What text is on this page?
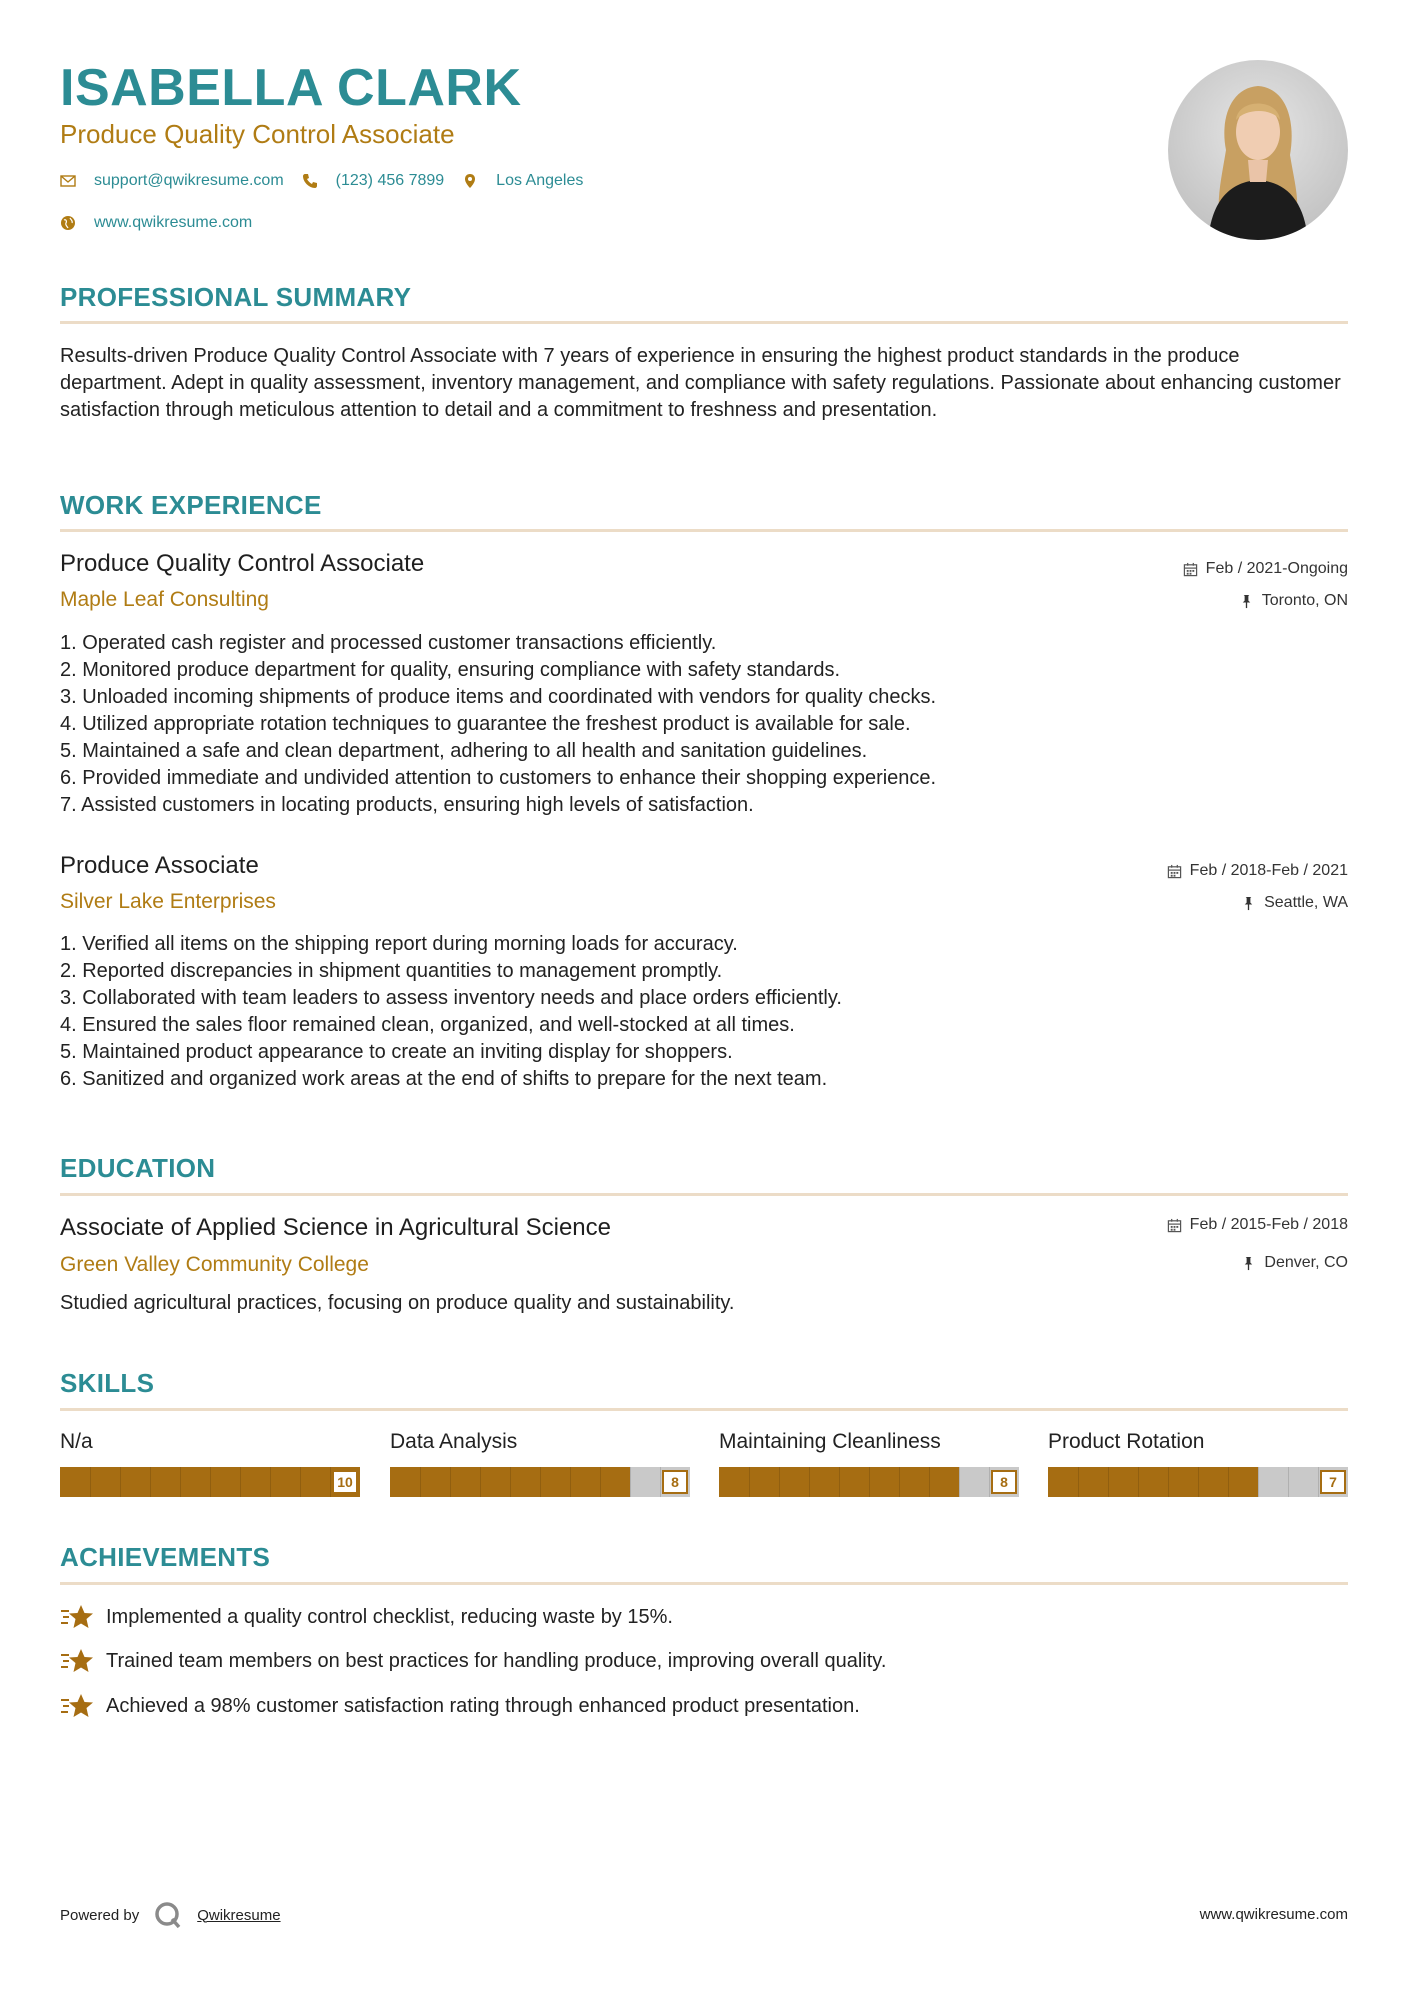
ISABELLA CLARK
Produce Quality Control Associate
support@qwikresume.com	(123) 456 7899	Los Angeles
www.qwikresume.com
PROFESSIONAL SUMMARY
Results-driven Produce Quality Control Associate with 7 years of experience in ensuring the highest product standards in the produce department. Adept in quality assessment, inventory management, and compliance with safety regulations. Passionate about enhancing customer satisfaction through meticulous attention to detail and a commitment to freshness and presentation.
WORK EXPERIENCE
Produce Quality Control Associate
Maple Leaf Consulting
Feb / 2021-Ongoing
Toronto, ON
1. Operated cash register and processed customer transactions efficiently.
2. Monitored produce department for quality, ensuring compliance with safety standards.
3. Unloaded incoming shipments of produce items and coordinated with vendors for quality checks.
4. Utilized appropriate rotation techniques to guarantee the freshest product is available for sale.
5. Maintained a safe and clean department, adhering to all health and sanitation guidelines.
6. Provided immediate and undivided attention to customers to enhance their shopping experience.
7. Assisted customers in locating products, ensuring high levels of satisfaction.
Produce Associate
Silver Lake Enterprises
Feb / 2018-Feb / 2021
Seattle, WA
1. Verified all items on the shipping report during morning loads for accuracy.
2. Reported discrepancies in shipment quantities to management promptly.
3. Collaborated with team leaders to assess inventory needs and place orders efficiently.
4. Ensured the sales floor remained clean, organized, and well-stocked at all times.
5. Maintained product appearance to create an inviting display for shoppers.
6. Sanitized and organized work areas at the end of shifts to prepare for the next team.
EDUCATION
Associate of Applied Science in Agricultural Science
Green Valley Community College
Feb / 2015-Feb / 2018
Denver, CO
Studied agricultural practices, focusing on produce quality and sustainability.
SKILLS
N/a
10
Data Analysis
8
Maintaining Cleanliness
8
Product Rotation
7
ACHIEVEMENTS
Implemented a quality control checklist, reducing waste by 15%.
Trained team members on best practices for handling produce, improving overall quality.
Achieved a 98% customer satisfaction rating through enhanced product presentation.
Powered by	Qwikresume	www.qwikresume.com
